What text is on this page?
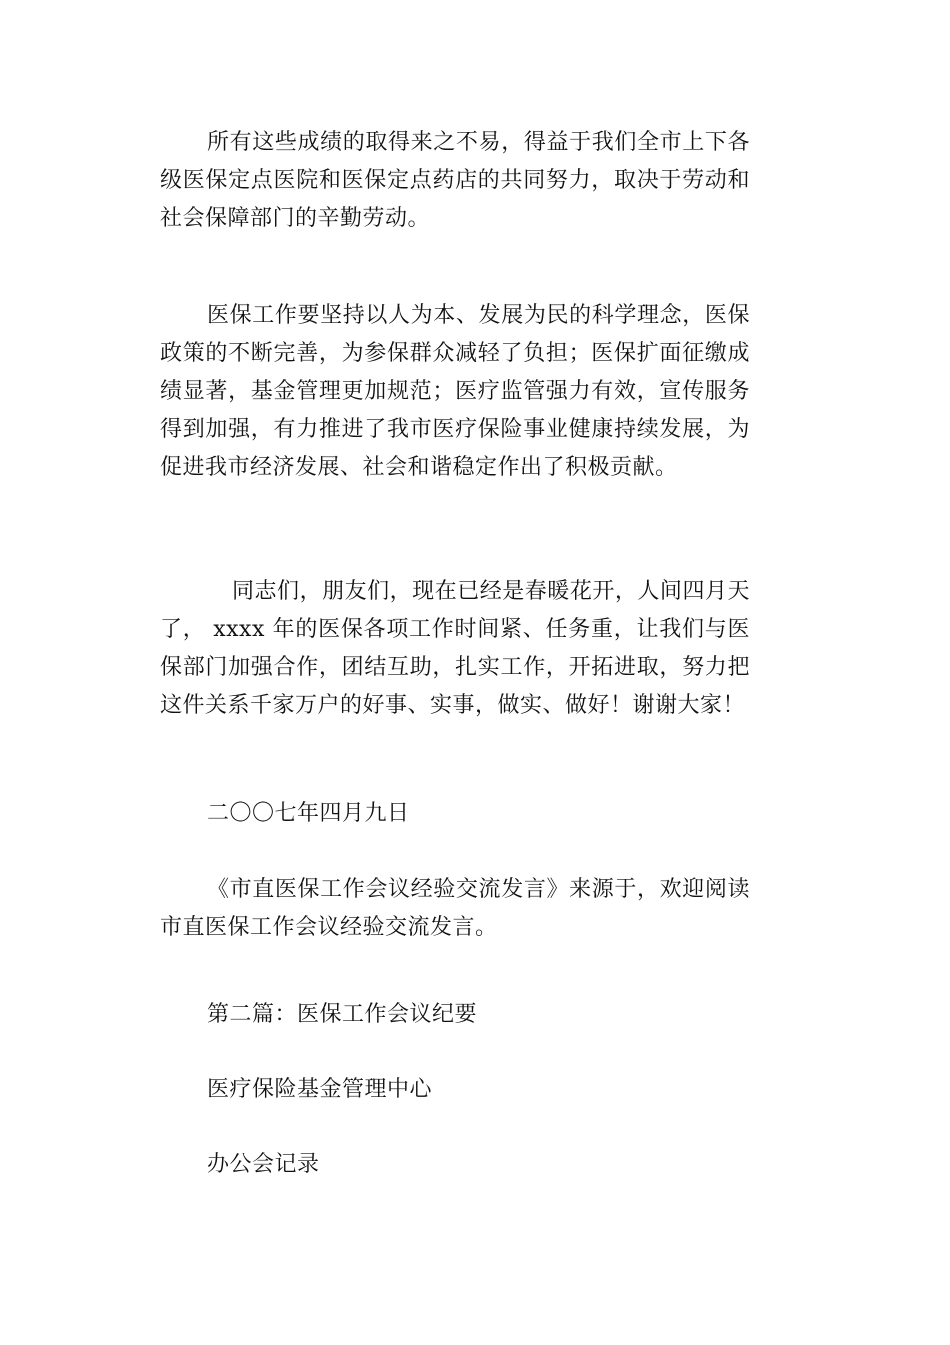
所有这些成绩的取得来之不易，得益于我们全市上下各级医保定点医院和医保定点药店的共同努力，取决于劳动和社会保障部门的辛勤劳动。

医保工作要坚持以人为本、发展为民的科学理念，医保政策的不断完善，为参保群众减轻了负担；医保扩面征缴成绩显著，基金管理更加规范；医疗监管强力有效，宣传服务得到加强，有力推进了我市医疗保险事业健康持续发展，为促进我市经济发展、社会和谐稳定作出了积极贡献。

同志们，朋友们，现在已经是春暖花开，人间四月天了， xxxx 年的医保各项工作时间紧、任务重，让我们与医保部门加强合作，团结互助，扎实工作，开拓进取，努力把这件关系千家万户的好事、实事，做实、做好！谢谢大家！

二〇〇七年四月九日

《市直医保工作会议经验交流发言》来源于，欢迎阅读市直医保工作会议经验交流发言。

第二篇：医保工作会议纪要

医疗保险基金管理中心

办公会记录
